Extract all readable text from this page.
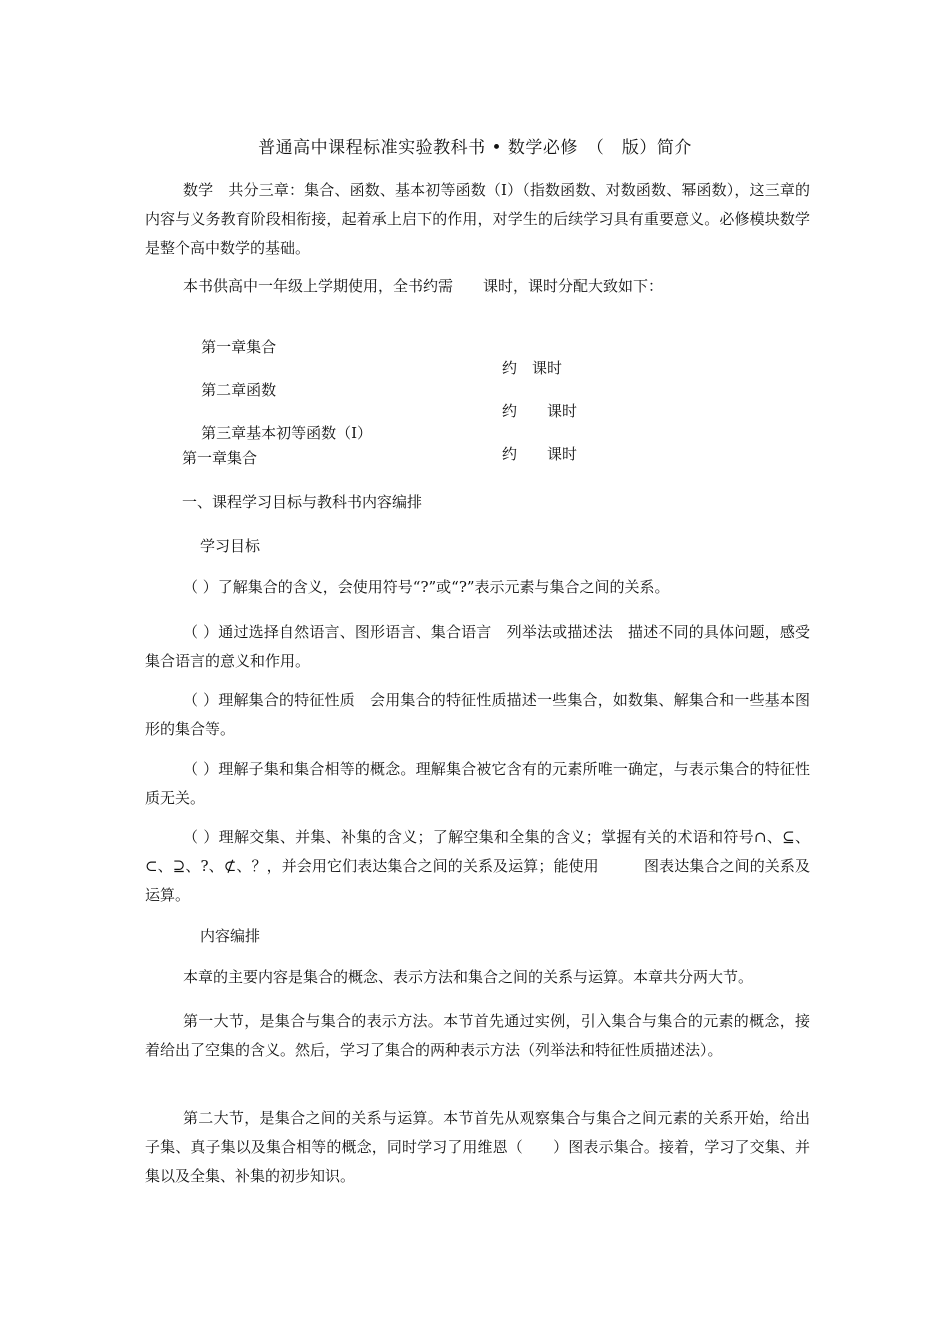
普通高中课程标准实验教科书 • 数学必修　（　版）简介
数学　共分三章：集合、函数、基本初等函数（Ⅰ）（指数函数、对数函数、幂函数），这三章的内容与义务教育阶段相衔接，起着承上启下的作用，对学生的后续学习具有重要意义。必修模块数学　是整个高中数学的基础。
本书供高中一年级上学期使用，全书约需　　课时，课时分配大致如下：

第一章集合

约　课时

第二章函数

约　　课时

第三章基本初等函数（Ⅰ）

约　　课时

第一章集合
一、课程学习目标与教科书内容编排
学习目标
（ ）了解集合的含义，会使用符号“?”或“?”表示元素与集合之间的关系。
（ ）通过选择自然语言、图形语言、集合语言　列举法或描述法　描述不同的具体问题，感受集合语言的意义和作用。
（ ）理解集合的特征性质　会用集合的特征性质描述一些集合，如数集、解集合和一些基本图形的集合等。
（ ）理解子集和集合相等的概念。理解集合被它含有的元素所唯一确定，与表示集合的特征性质无关。
（ ）理解交集、并集、补集的含义；了解空集和全集的含义；掌握有关的术语和符号∩、⊆、⊂、⊇、?、⊄、？，并会用它们表达集合之间的关系及运算；能使用　　　图表达集合之间的关系及运算。
内容编排
本章的主要内容是集合的概念、表示方法和集合之间的关系与运算。本章共分两大节。
第一大节，是集合与集合的表示方法。本节首先通过实例，引入集合与集合的元素的概念，接着给出了空集的含义。然后，学习了集合的两种表示方法（列举法和特征性质描述法）。
第二大节，是集合之间的关系与运算。本节首先从观察集合与集合之间元素的关系开始，给出子集、真子集以及集合相等的概念，同时学习了用维恩（　　）图表示集合。接着，学习了交集、并集以及全集、补集的初步知识。
